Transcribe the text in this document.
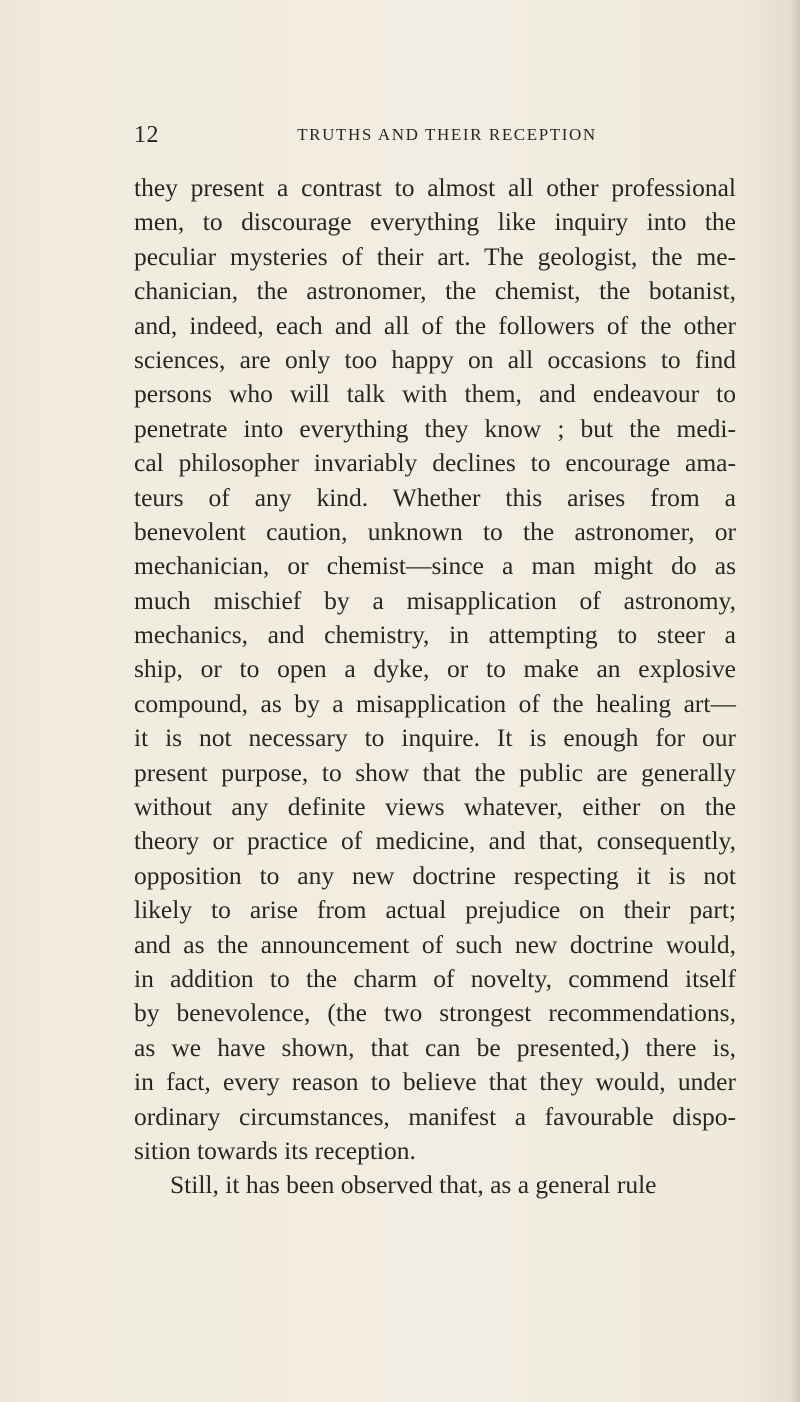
12	TRUTHS AND THEIR RECEPTION
they present a contrast to almost all other professional
men, to discourage everything like inquiry into the
peculiar mysteries of their art. The geologist, the me-
chanician, the astronomer, the chemist, the botanist,
and, indeed, each and all of the followers of the other
sciences, are only too happy on all occasions to find
persons who will talk with them, and endeavour to
penetrate into everything they know ; but the medi-
cal philosopher invariably declines to encourage ama-
teurs of any kind. Whether this arises from a
benevolent caution, unknown to the astronomer, or
mechanician, or chemist—since a man might do as
much mischief by a misapplication of astronomy,
mechanics, and chemistry, in attempting to steer a
ship, or to open a dyke, or to make an explosive
compound, as by a misapplication of the healing art—
it is not necessary to inquire. It is enough for our
present purpose, to show that the public are generally
without any definite views whatever, either on the
theory or practice of medicine, and that, consequently,
opposition to any new doctrine respecting it is not
likely to arise from actual prejudice on their part;
and as the announcement of such new doctrine would,
in addition to the charm of novelty, commend itself
by benevolence, (the two strongest recommendations,
as we have shown, that can be presented,) there is,
in fact, every reason to believe that they would, under
ordinary circumstances, manifest a favourable dispo-
sition towards its reception.
Still, it has been observed that, as a general rule
